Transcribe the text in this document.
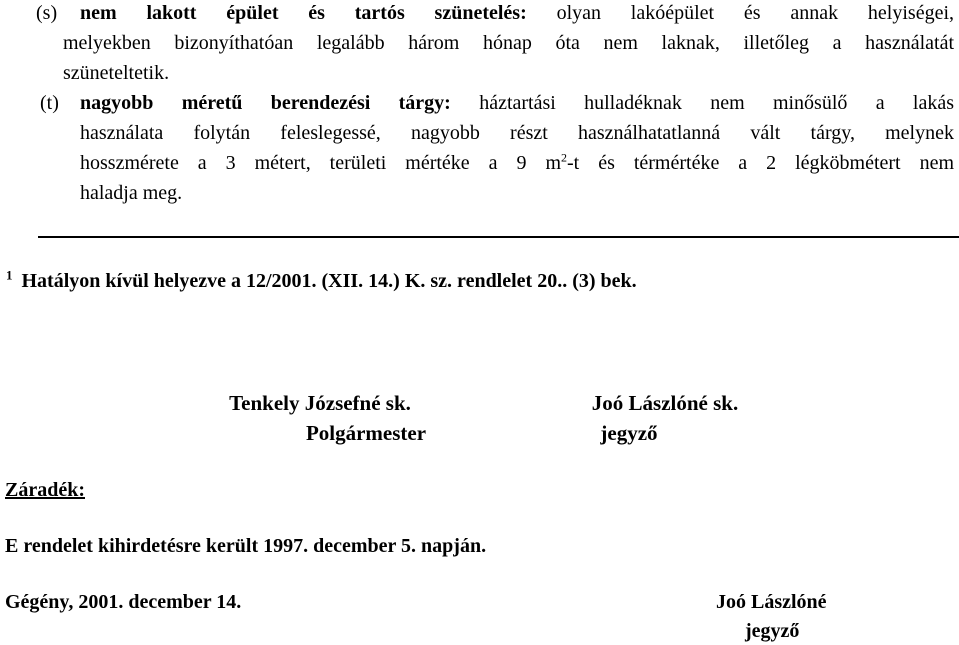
(s) nem lakott épület és tartós szünetelés: olyan lakóépület és annak helyiségei,
melyekben bizonyíthatóan legalább három hónap óta nem laknak, illetőleg a használatát
szüneteltetik.
(t) nagyobb méretű berendezési tárgy: háztartási hulladéknak nem minősülő a lakás
használata folytán feleslegessé, nagyobb részt használhatatlanná vált tárgy, melynek
hosszmérete a 3 métert, területi mértéke a 9 $m^2-t$ és térmértéke a 2 légköbmétert nem
haladja meg.
$^1$ Hatályon kívül helyezve a 12/2001. (XII. 14.) K. sz. rendlelet 20.. (3) bek.
Tenkely Józsefné sk.
Polgármester
Joó Lászlóné sk.
jegyző
Záradék:
E rendelet kihirdetésre került 1997. december 5. napján.
Gégény, 2001. december 14.	Joó Lászlóné
jegyző
